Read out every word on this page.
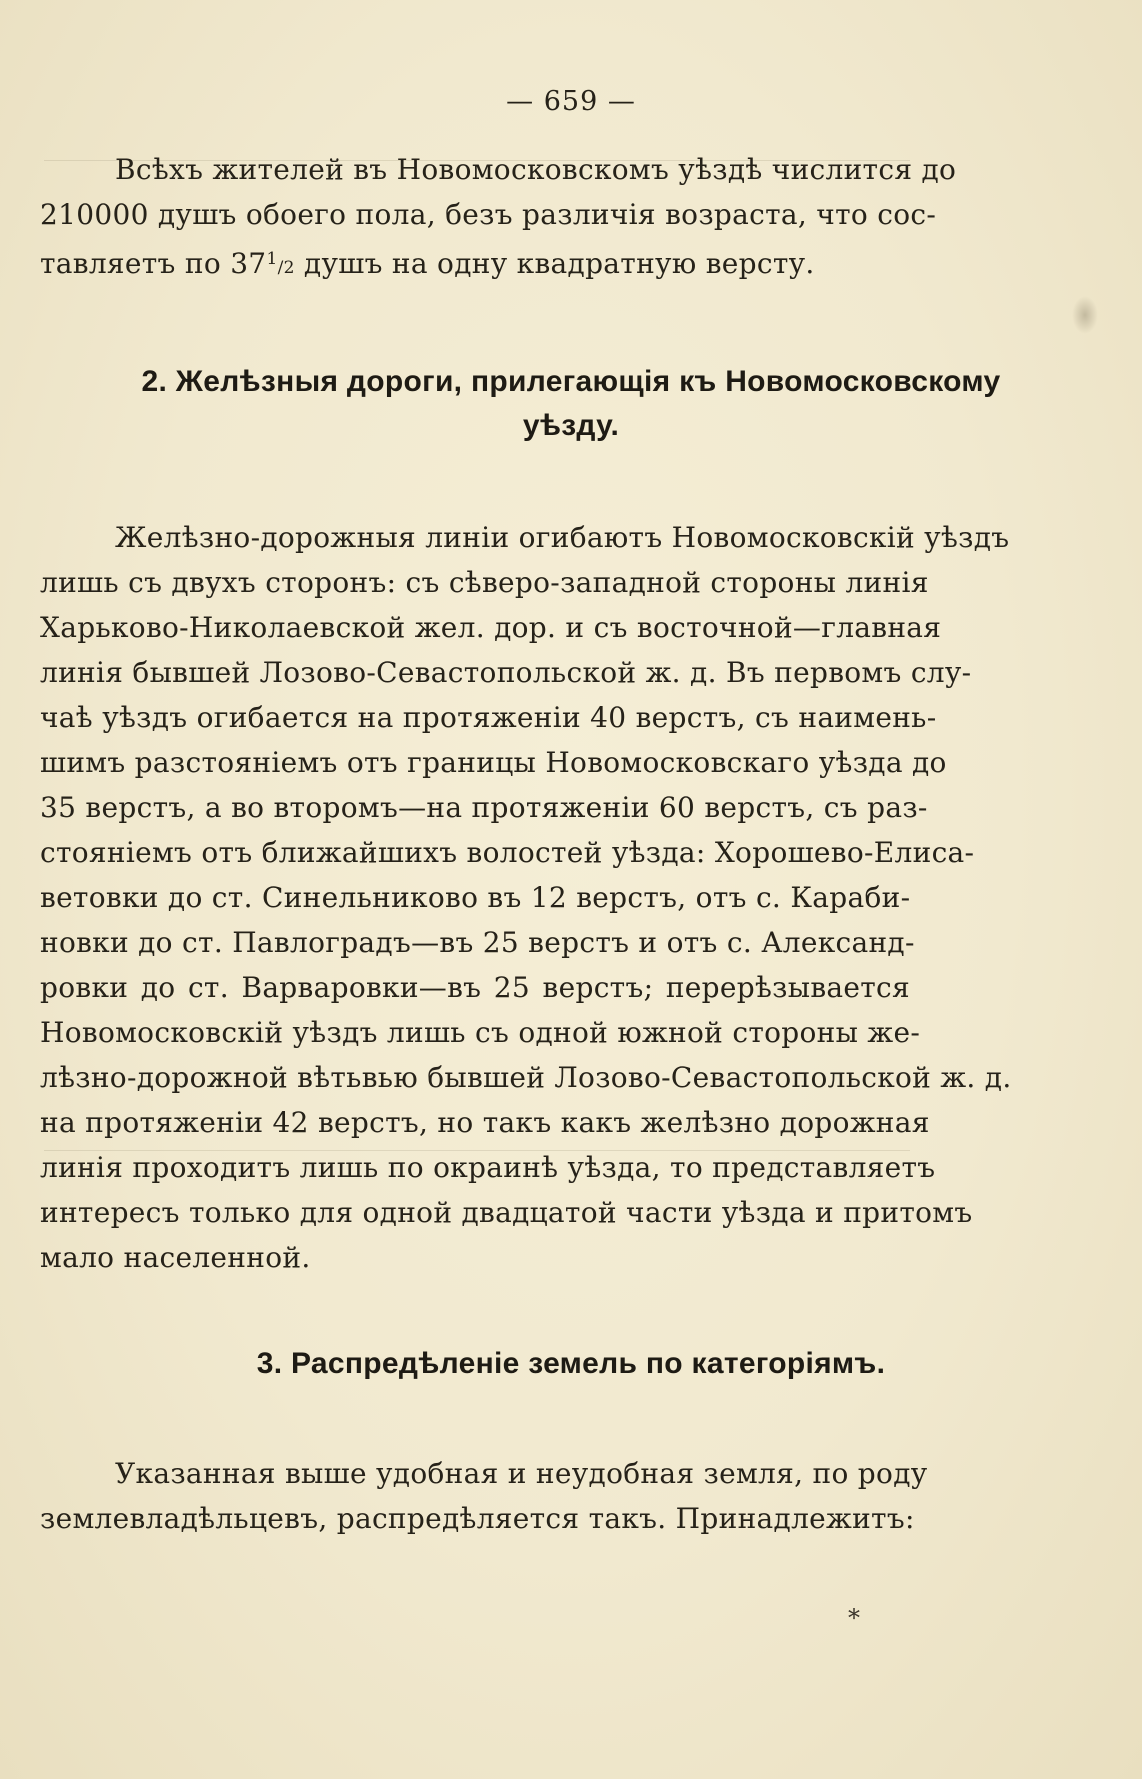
— 659 —
Всѣхъ жителей въ Новомосковскомъ уѣздѣ числится до
210000 душъ обоего пола, безъ различія возраста, что сос-
тавляетъ по $37^1/2$ душъ на одну квадратную версту.
2. Желѣзныя дороги, прилегающія къ Новомосковскому
уѣзду.
Желѣзно-дорожныя линіи огибаютъ Новомосковскій уѣздъ
лишь съ двухъ сторонъ: съ сѣверо-западной стороны линія
Харьково-Николаевской жел. дор. и съ восточной—главная
линія бывшей Лозово-Севастопольской ж. д. Въ первомъ слу-
чаѣ уѣздъ огибается на протяженіи 40 верстъ, съ наимень-
шимъ разстояніемъ отъ границы Новомосковскаго уѣзда до
35 верстъ, а во второмъ—на протяженіи 60 верстъ, съ раз-
стояніемъ отъ ближайшихъ волостей уѣзда: Хорошево-Елиса-
ветовки до ст. Синельниково въ 12 верстъ, отъ с. Караби-
новки до ст. Павлоградъ—въ 25 верстъ и отъ с. Александ-
ровки до ст. Варваровки—въ 25 верстъ; перерѣзывается
Новомосковскій уѣздъ лишь съ одной южной стороны же-
лѣзно-дорожной вѣтьвью бывшей Лозово-Севастопольской ж. д.
на протяженіи 42 верстъ, но такъ какъ желѣзно дорожная
линія проходитъ лишь по окраинѣ уѣзда, то представляетъ
интересъ только для одной двадцатой части уѣзда и притомъ
мало населенной.
3. Распредѣленіе земель по категоріямъ.
Указанная выше удобная и неудобная земля, по роду
землевладѣльцевъ, распредѣляется такъ. Принадлежитъ:
*
